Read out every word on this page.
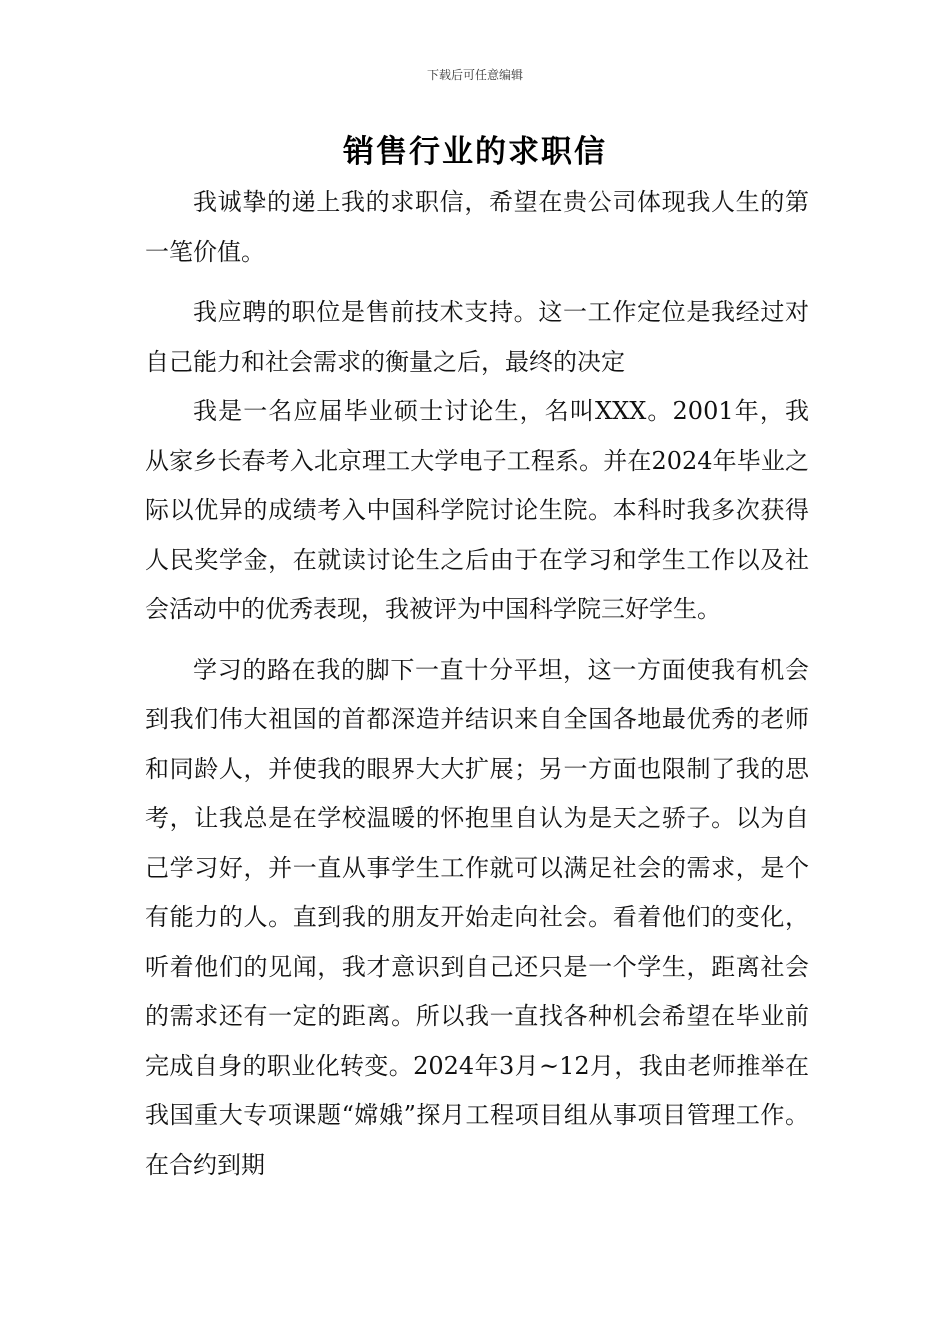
下载后可任意编辑
销售行业的求职信

我诚挚的递上我的求职信，希望在贵公司体现我人生的第一笔价值。

我应聘的职位是售前技术支持。这一工作定位是我经过对自己能力和社会需求的衡量之后，最终的决定

我是一名应届毕业硕士讨论生，名叫XXX。2001年，我从家乡长春考入北京理工大学电子工程系。并在2024年毕业之际以优异的成绩考入中国科学院讨论生院。本科时我多次获得人民奖学金，在就读讨论生之后由于在学习和学生工作以及社会活动中的优秀表现，我被评为中国科学院三好学生。

学习的路在我的脚下一直十分平坦，这一方面使我有机会到我们伟大祖国的首都深造并结识来自全国各地最优秀的老师和同龄人，并使我的眼界大大扩展；另一方面也限制了我的思考，让我总是在学校温暖的怀抱里自认为是天之骄子。以为自己学习好，并一直从事学生工作就可以满足社会的需求，是个有能力的人。直到我的朋友开始走向社会。看着他们的变化，听着他们的见闻，我才意识到自己还只是一个学生，距离社会的需求还有一定的距离。所以我一直找各种机会希望在毕业前完成自身的职业化转变。2024年3月~12月，我由老师推举在我国重大专项课题“嫦娥”探月工程项目组从事项目管理工作。在合约到期
